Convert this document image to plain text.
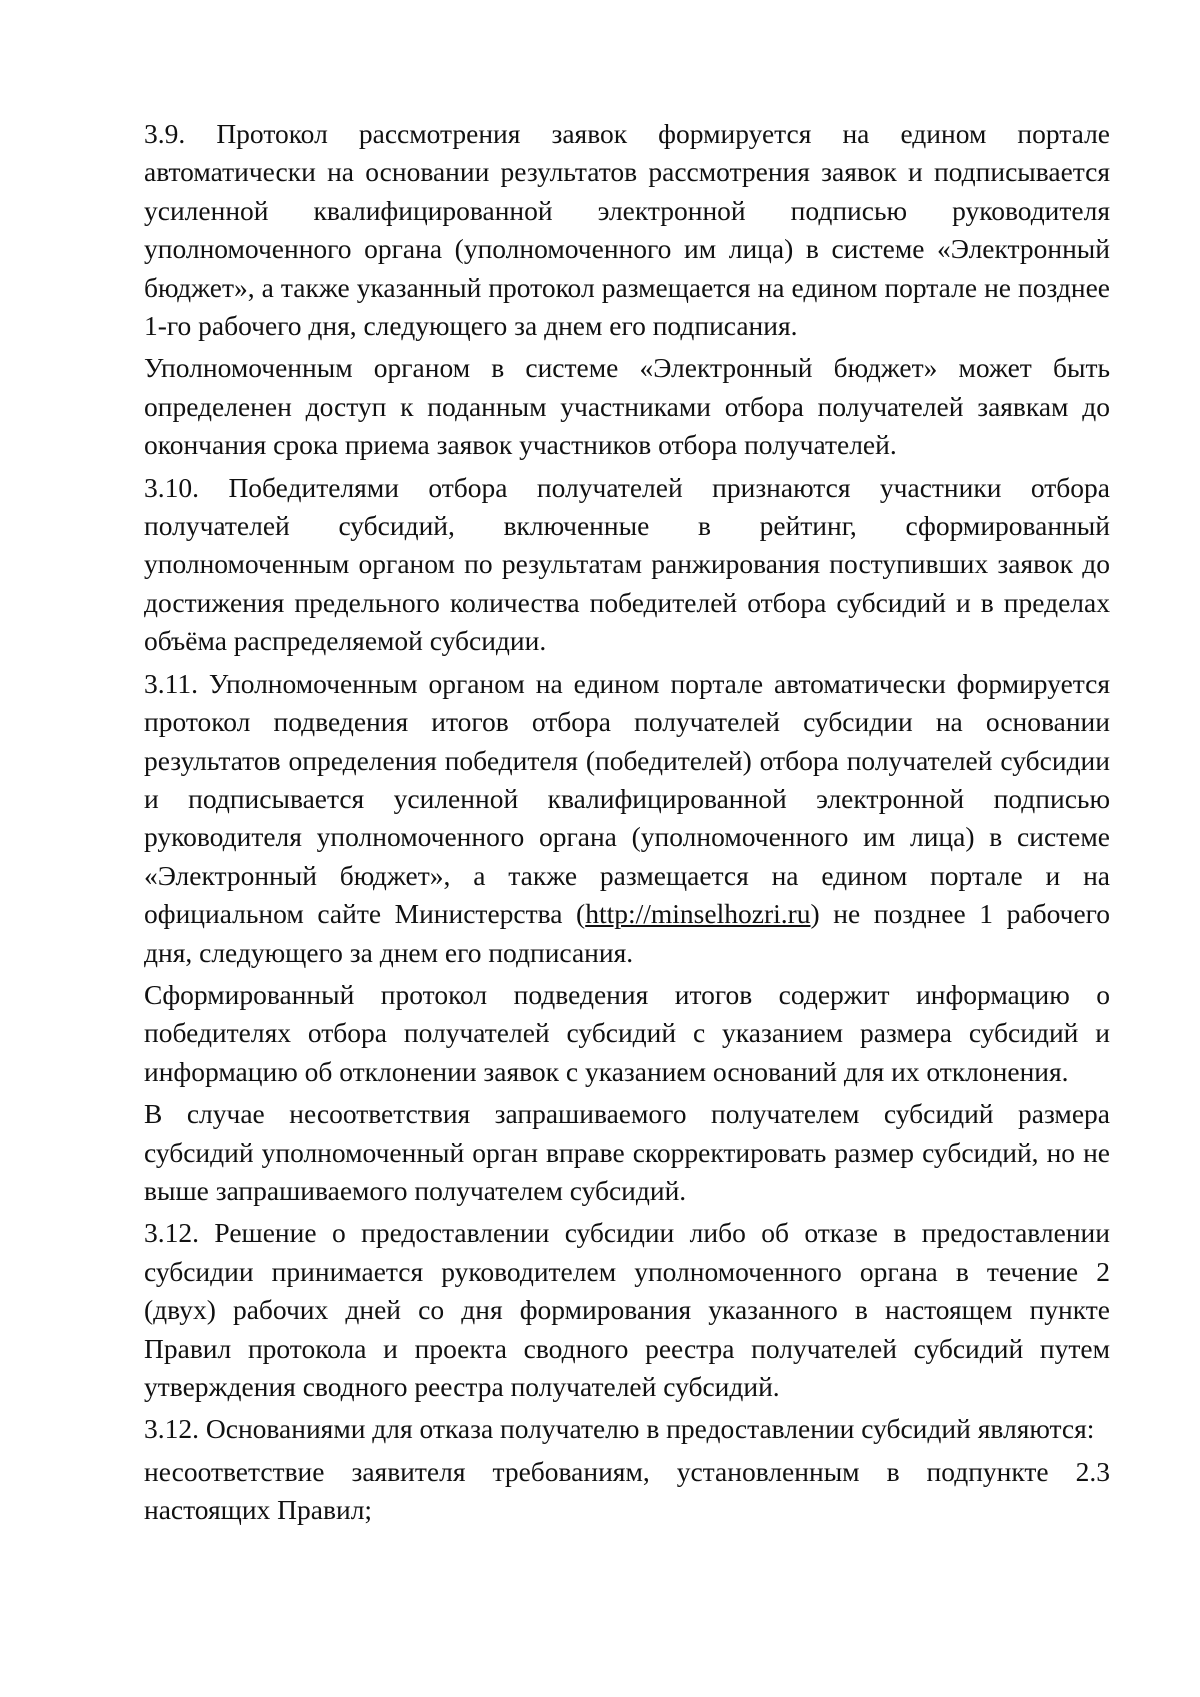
3.9. Протокол рассмотрения заявок формируется на едином портале автоматически на основании результатов рассмотрения заявок и подписывается усиленной квалифицированной электронной подписью руководителя уполномоченного органа (уполномоченного им лица) в системе «Электронный бюджет», а также указанный протокол размещается на едином портале не позднее 1-го рабочего дня, следующего за днем его подписания.

Уполномоченным органом в системе «Электронный бюджет» может быть определенен доступ к поданным участниками отбора получателей заявкам до окончания срока приема заявок участников отбора получателей.

3.10. Победителями отбора получателей признаются участники отбора получателей субсидий, включенные в рейтинг, сформированный уполномоченным органом по результатам ранжирования поступивших заявок до достижения предельного количества победителей отбора субсидий и в пределах объёма распределяемой субсидии.

3.11. Уполномоченным органом на едином портале автоматически формируется протокол подведения итогов отбора получателей субсидии на основании результатов определения победителя (победителей) отбора получателей субсидии и подписывается усиленной квалифицированной электронной подписью руководителя уполномоченного органа (уполномоченного им лица) в системе «Электронный бюджет», а также размещается на едином портале и на официальном сайте Министерства (http://minselhozri.ru) не позднее 1 рабочего дня, следующего за днем его подписания.

Сформированный протокол подведения итогов содержит информацию о победителях отбора получателей субсидий с указанием размера субсидий и информацию об отклонении заявок с указанием оснований для их отклонения.

В случае несоответствия запрашиваемого получателем субсидий размера субсидий уполномоченный орган вправе скорректировать размер субсидий, но не выше запрашиваемого получателем субсидий.

3.12. Решение о предоставлении субсидии либо об отказе в предоставлении субсидии принимается руководителем уполномоченного органа в течение 2 (двух) рабочих дней со дня формирования указанного в настоящем пункте Правил протокола и проекта сводного реестра получателей субсидий путем утверждения сводного реестра получателей субсидий.

3.12. Основаниями для отказа получателю в предоставлении субсидий являются:

несоответствие заявителя требованиям, установленным в подпункте 2.3 настоящих Правил;
